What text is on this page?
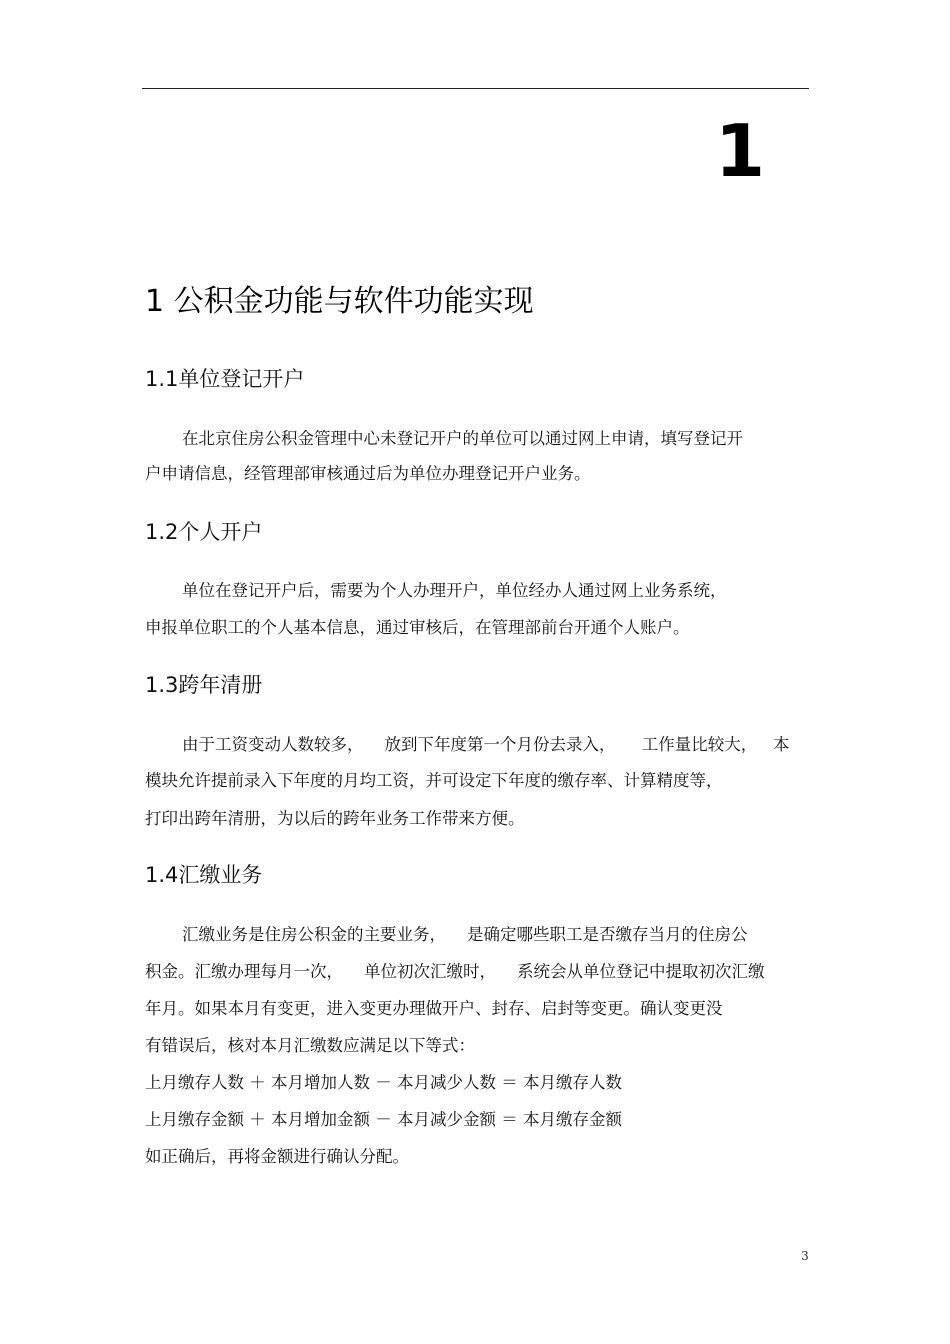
1
1 公积金功能与软件功能实现
1.1单位登记开户
在北京住房公积金管理中心未登记开户的单位可以通过网上申请，填写登记开
户申请信息，经管理部审核通过后为单位办理登记开户业务。
1.2个人开户
单位在登记开户后，需要为个人办理开户，单位经办人通过网上业务系统，
申报单位职工的个人基本信息，通过审核后，在管理部前台开通个人账户。
1.3跨年清册
由于工资变动人数较多，    放到下年度第一个月份去录入，     工作量比较大，   本
模块允许提前录入下年度的月均工资，并可设定下年度的缴存率、计算精度等，
打印出跨年清册，为以后的跨年业务工作带来方便。
1.4汇缴业务
汇缴业务是住房公积金的主要业务，    是确定哪些职工是否缴存当月的住房公
积金。汇缴办理每月一次，    单位初次汇缴时，    系统会从单位登记中提取初次汇缴
年月。如果本月有变更，进入变更办理做开户、封存、启封等变更。确认变更没
有错误后，核对本月汇缴数应满足以下等式：
上月缴存人数 ＋ 本月增加人数 － 本月减少人数 ＝ 本月缴存人数
上月缴存金额 ＋ 本月增加金额 － 本月减少金额 ＝ 本月缴存金额
如正确后，再将金额进行确认分配。
3
